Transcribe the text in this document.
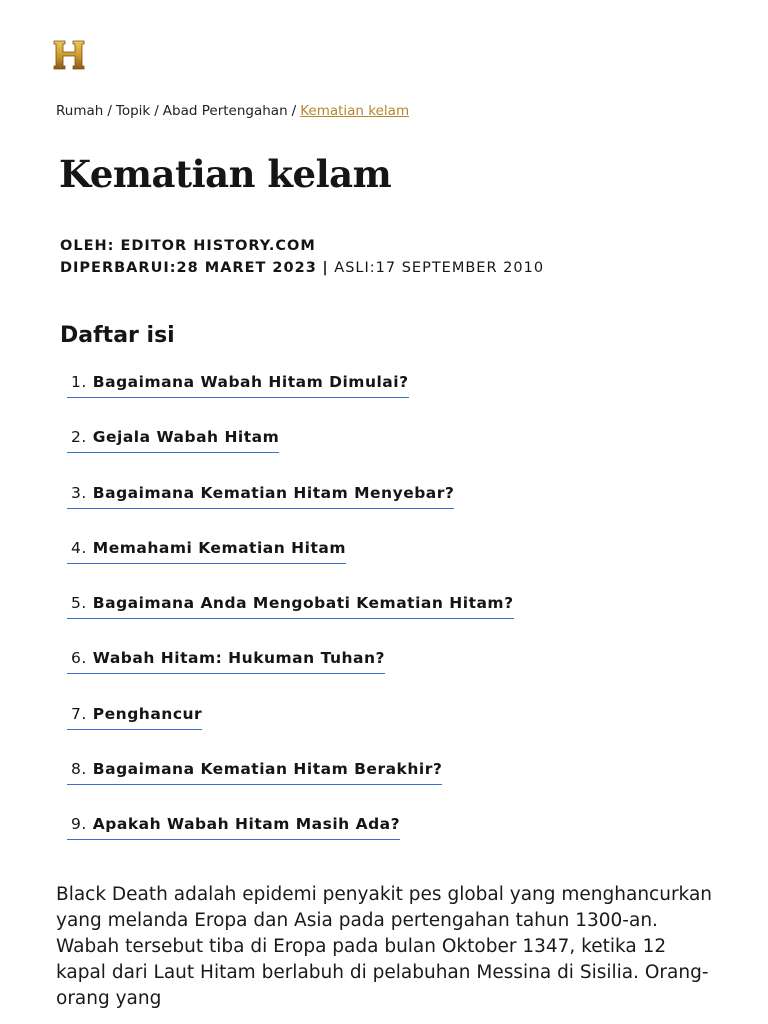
Rumah / Topik / Abad Pertengahan / Kematian kelam
Kematian kelam
OLEH: EDITOR HISTORY.COM
DIPERBARUI:28 MARET 2023 | ASLI:17 SEPTEMBER 2010
Daftar isi
1. Bagaimana Wabah Hitam Dimulai?
2. Gejala Wabah Hitam
3. Bagaimana Kematian Hitam Menyebar?
4. Memahami Kematian Hitam
5. Bagaimana Anda Mengobati Kematian Hitam?
6. Wabah Hitam: Hukuman Tuhan?
7. Penghancur
8. Bagaimana Kematian Hitam Berakhir?
9. Apakah Wabah Hitam Masih Ada?

Black Death adalah epidemi penyakit pes global yang menghancurkan yang melanda Eropa dan Asia pada pertengahan tahun 1300-an. Wabah tersebut tiba di Eropa pada bulan Oktober 1347, ketika 12 kapal dari Laut Hitam berlabuh di pelabuhan Messina di Sisilia. Orang-orang yang
